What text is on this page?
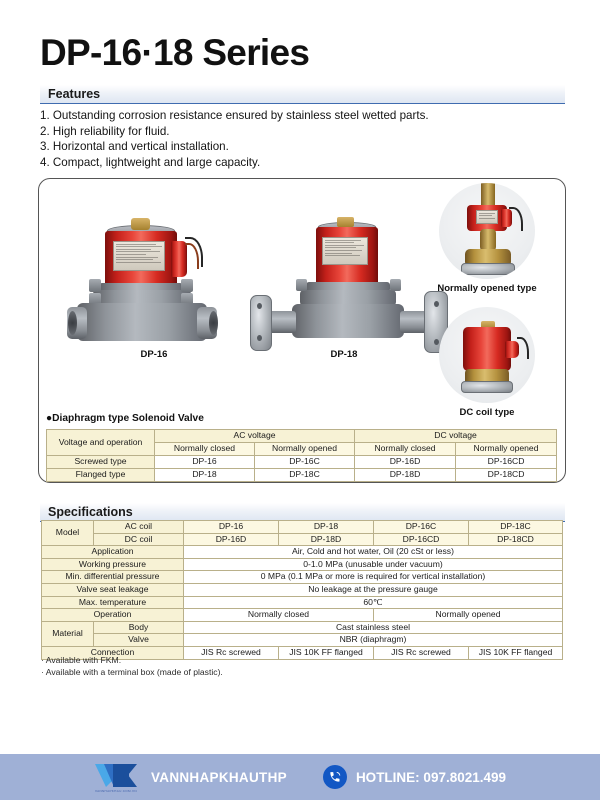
DP-16·18 Series
Features
1. Outstanding corrosion resistance ensured by stainless steel wetted parts.
2. High reliability for fluid.
3. Horizontal and vertical installation.
4. Compact, lightweight and large capacity.
DP-16	DP-18
Normally opened type
DC coil type
●Diaphragm type Solenoid Valve
Voltage and operation	AC voltage		DC voltage	
	Normally closed	Normally opened	Normally closed	Normally opened
Screwed type	DP-16	DP-16C	DP-16D	DP-16CD
Flanged type	DP-18	DP-18C	DP-18D	DP-18CD
Specifications
Model	AC coil	DP-16	DP-18	DP-16C	DP-18C
	DC coil	DP-16D	DP-18D	DP-16CD	DP-18CD
Application		Air, Cold and hot water, Oil (20 cSt or less)			
Working pressure		0-1.0 MPa (unusable under vacuum)			
Min. differential pressure		0 MPa (0.1 MPa or more is required for vertical installation)			
Valve seat leakage		No leakage at the pressure gauge			
Max. temperature		60℃			
Operation		Normally closed		Normally opened	
Material	Body	Cast stainless steel			
	Valve	NBR (diaphragm)			
Connection		JIS Rc screwed	JIS 10K FF flanged	JIS Rc screwed	JIS 10K FF flanged
· Available with FKM.
· Available with a terminal box (made of plastic).
VANNHAPKHAU.COM.VN
VANNHAPKHAUTHP	HOTLINE: 097.8021.499
